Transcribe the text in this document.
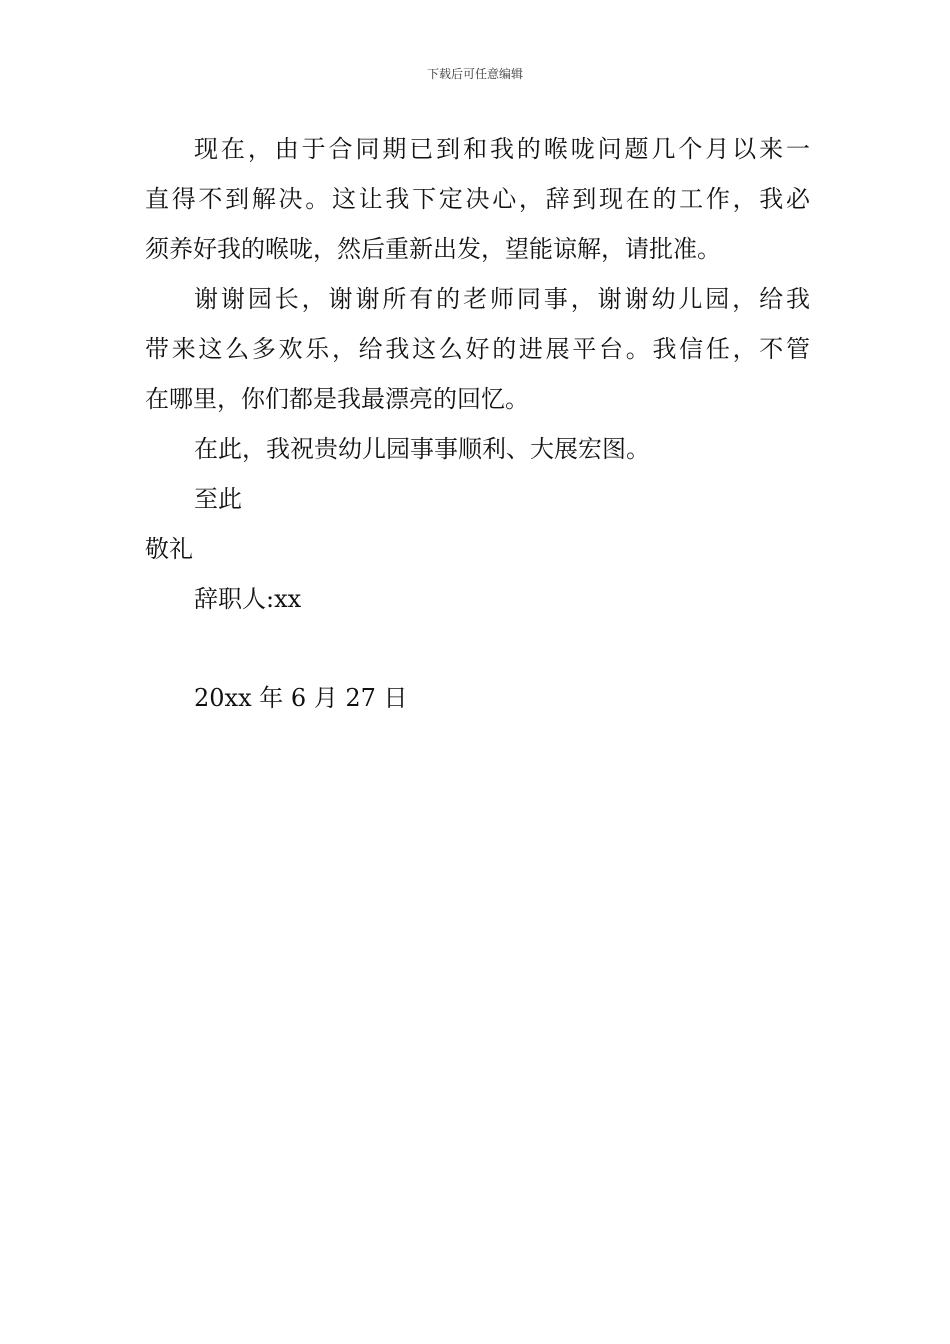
下载后可任意编辑
现在，由于合同期已到和我的喉咙问题几个月以来一
直得不到解决。这让我下定决心，辞到现在的工作，我必
须养好我的喉咙，然后重新出发，望能谅解，请批准。
谢谢园长，谢谢所有的老师同事，谢谢幼儿园，给我
带来这么多欢乐，给我这么好的进展平台。我信任，不管
在哪里，你们都是我最漂亮的回忆。
在此，我祝贵幼儿园事事顺利、大展宏图。
至此
敬礼
辞职人:xx
20xx 年 6 月 27 日
